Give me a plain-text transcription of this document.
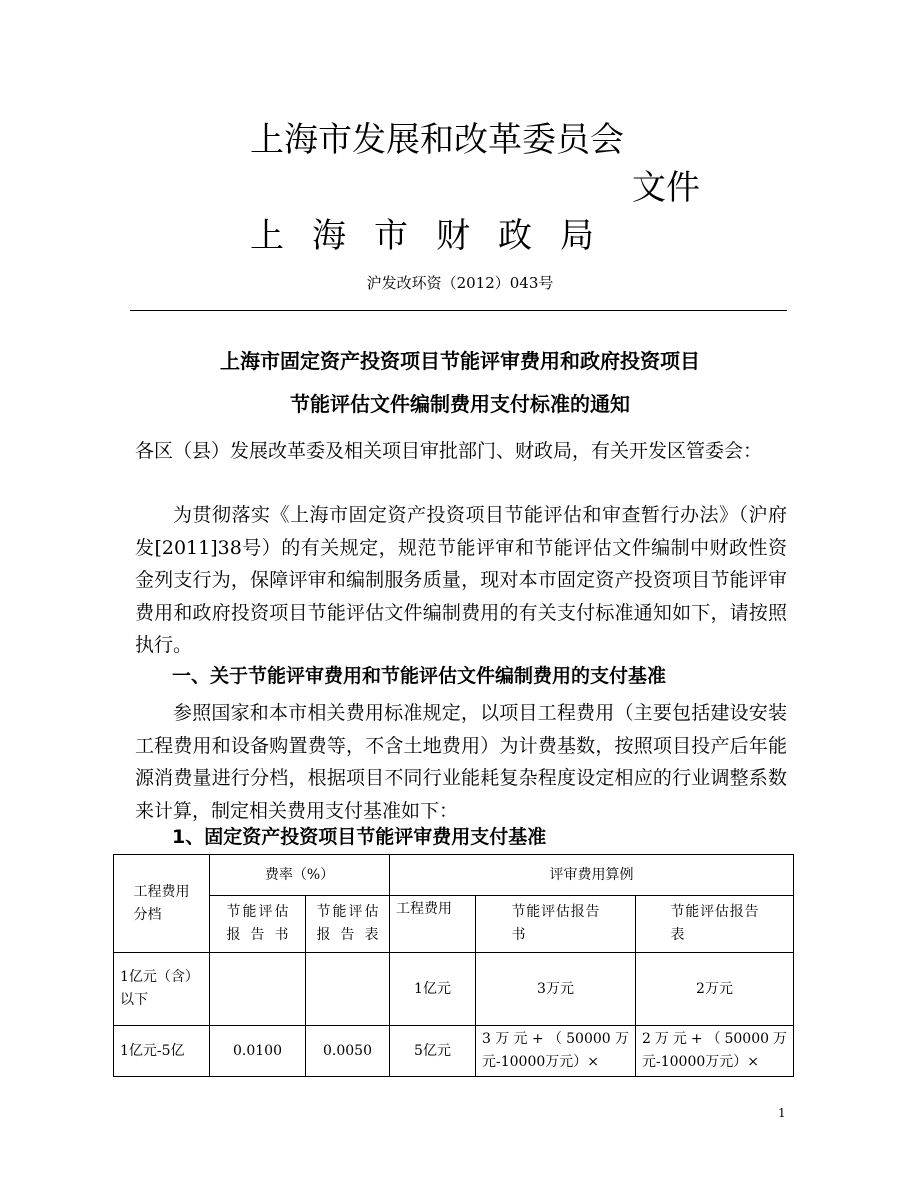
上海市发展和改革委员会
文件
上 海 市 财 政 局
沪发改环资（2012）043号
上海市固定资产投资项目节能评审费用和政府投资项目
节能评估文件编制费用支付标准的通知
各区（县）发展改革委及相关项目审批部门、财政局，有关开发区管委会：
为贯彻落实《上海市固定资产投资项目节能评估和审查暂行办法》（沪府发[2011]38号）的有关规定，规范节能评审和节能评估文件编制中财政性资金列支行为，保障评审和编制服务质量，现对本市固定资产投资项目节能评审费用和政府投资项目节能评估文件编制费用的有关支付标准通知如下，请按照执行。
一、关于节能评审费用和节能评估文件编制费用的支付基准
参照国家和本市相关费用标准规定，以项目工程费用（主要包括建设安装工程费用和设备购置费等，不含土地费用）为计费基数，按照项目投产后年能源消费量进行分档，根据项目不同行业能耗复杂程度设定相应的行业调整系数来计算，制定相关费用支付基准如下：
1、固定资产投资项目节能评审费用支付基准
工程费用分档	费率（%）		评审费用算例		

	节能评估报告书	节能评估报告表	工程费用	节能评估报告书	节能评估报告表

1亿元（含）以下			1亿元	3万元	2万元
1亿元-5亿	0.0100	0.0050	5亿元	3万元+（50000万元-10000万元）×	2万元+（50000万元-10000万元）×
1
